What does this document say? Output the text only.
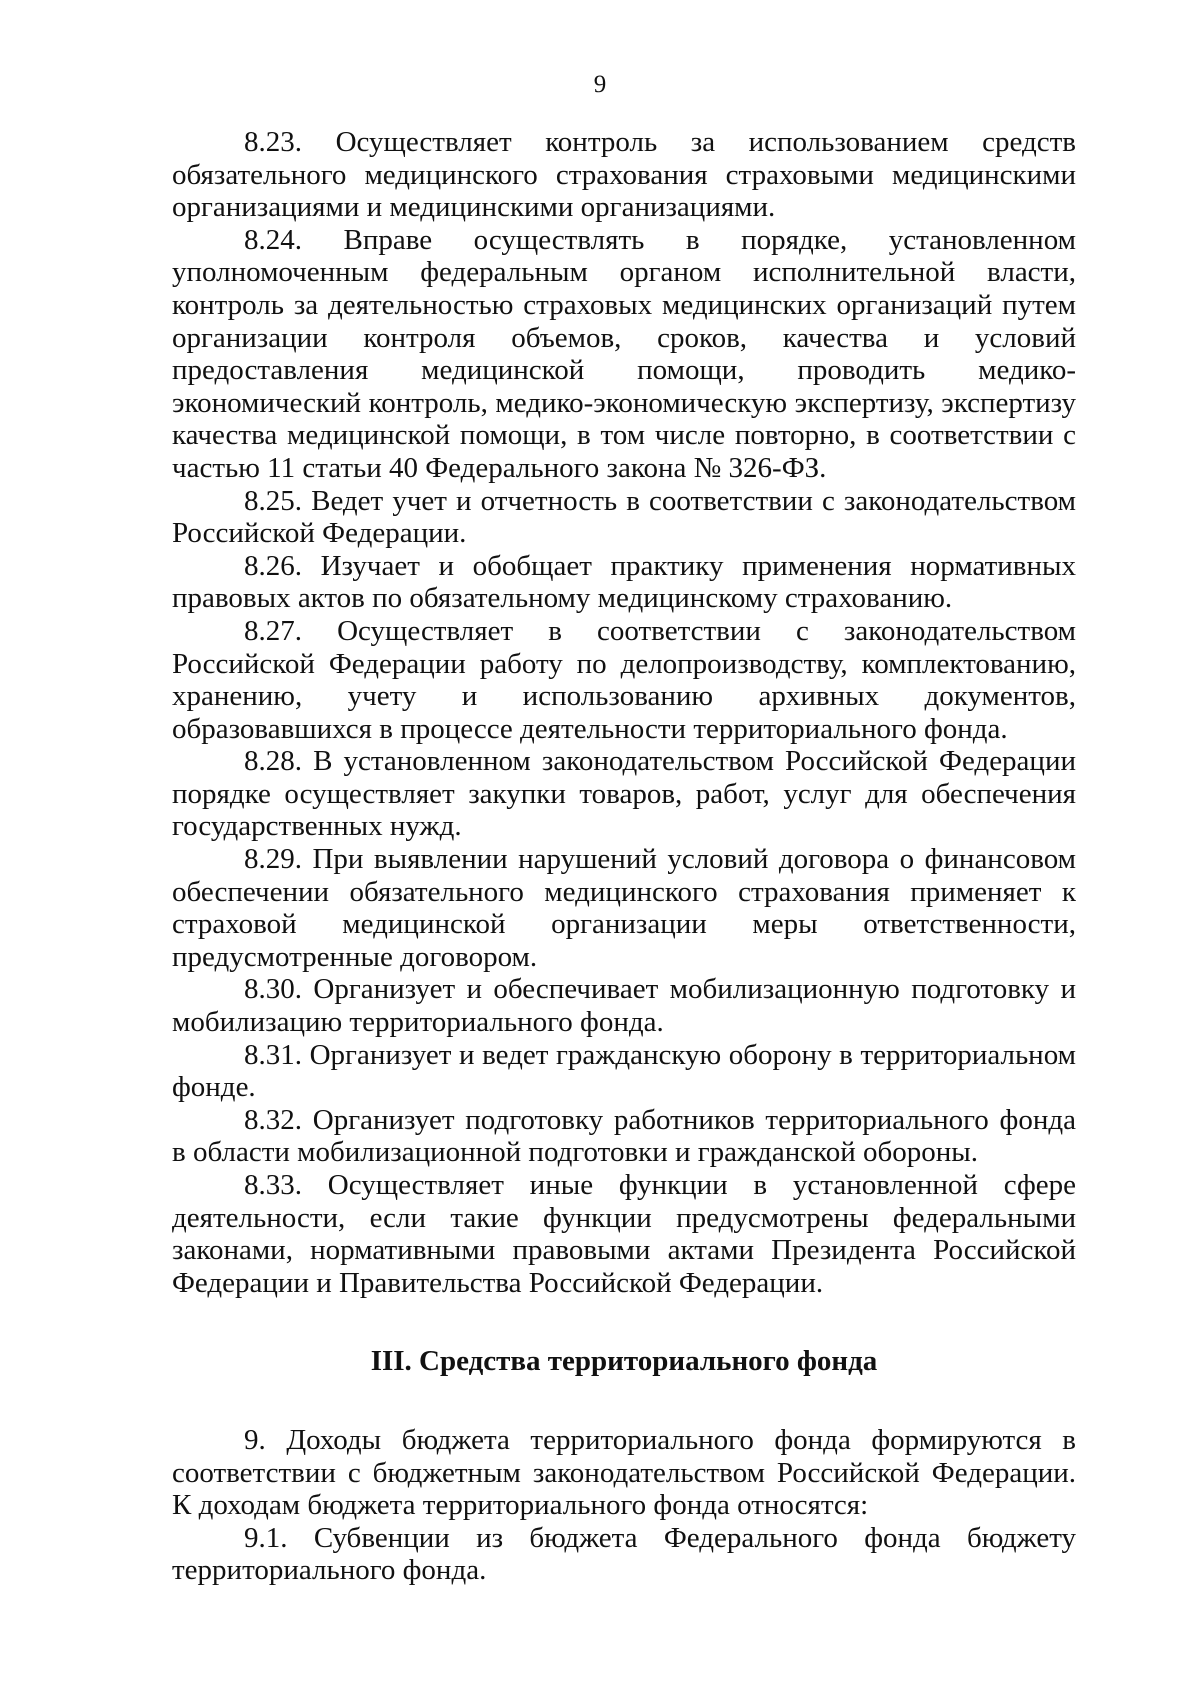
9

8.23. Осуществляет контроль за использованием средств обязательного медицинского страхования страховыми медицинскими организациями и медицинскими организациями.

8.24. Вправе осуществлять в порядке, установленном уполномоченным федеральным органом исполнительной власти, контроль за деятельностью страховых медицинских организаций путем организации контроля объемов, сроков, качества и условий предоставления медицинской помощи, проводить медико-экономический контроль, медико-экономическую экспертизу, экспертизу качества медицинской помощи, в том числе повторно, в соответствии с частью 11 статьи 40 Федерального закона № 326-ФЗ.

8.25. Ведет учет и отчетность в соответствии с законодательством Российской Федерации.

8.26. Изучает и обобщает практику применения нормативных правовых актов по обязательному медицинскому страхованию.

8.27. Осуществляет в соответствии с законодательством Российской Федерации работу по делопроизводству, комплектованию, хранению, учету и использованию архивных документов, образовавшихся в процессе деятельности территориального фонда.

8.28. В установленном законодательством Российской Федерации порядке осуществляет закупки товаров, работ, услуг для обеспечения государственных нужд.

8.29. При выявлении нарушений условий договора о финансовом обеспечении обязательного медицинского страхования применяет к страховой медицинской организации меры ответственности, предусмотренные договором.

8.30. Организует и обеспечивает мобилизационную подготовку и мобилизацию территориального фонда.

8.31. Организует и ведет гражданскую оборону в территориальном фонде.

8.32. Организует подготовку работников территориального фонда в области мобилизационной подготовки и гражданской обороны.

8.33. Осуществляет иные функции в установленной сфере деятельности, если такие функции предусмотрены федеральными законами, нормативными правовыми актами Президента Российской Федерации и Правительства Российской Федерации.

III. Средства территориального фонда

9. Доходы бюджета территориального фонда формируются в соответствии с бюджетным законодательством Российской Федерации. К доходам бюджета территориального фонда относятся:

9.1. Субвенции из бюджета Федерального фонда бюджету территориального фонда.
